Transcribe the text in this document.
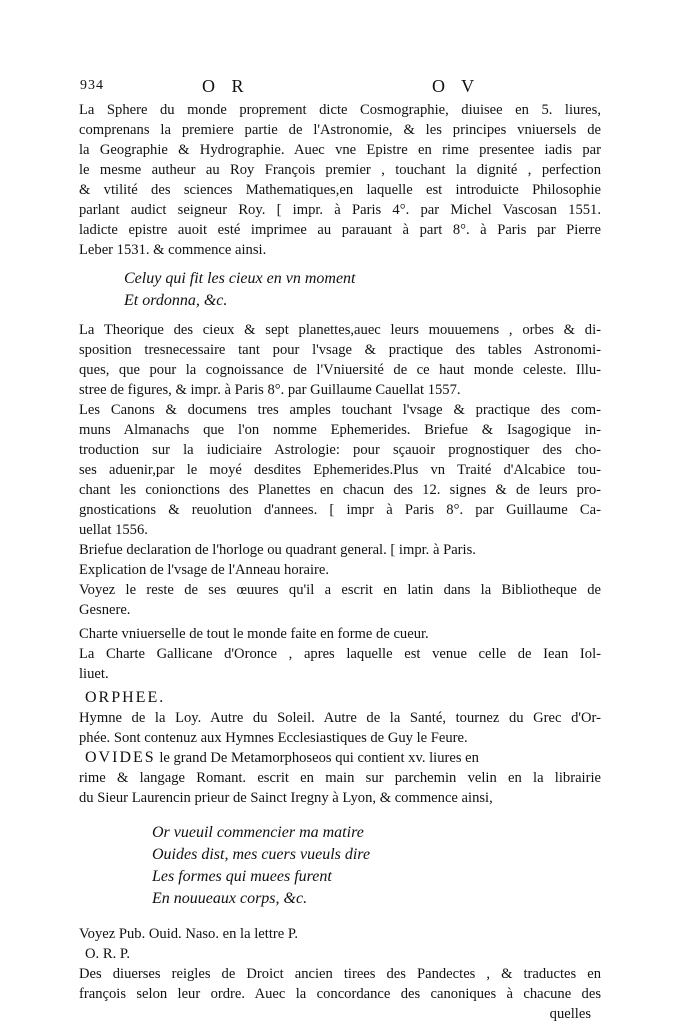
934	O R	O V
La Sphere du monde proprement dicte Cosmographie, diuisee en 5. liures,
comprenans la premiere partie de l'Astronomie, & les principes vniuersels de
la Geographie & Hydrographie. Auec vne Epistre en rime presentee iadis par
le mesme autheur au Roy François premier , touchant la dignité , perfection
& vtilité des sciences Mathematiques,en laquelle est introduicte Philosophie
parlant audict seigneur Roy. [ impr. à Paris 4°. par Michel Vascosan 1551.
ladicte epistre auoit esté imprimee au parauant à part 8°. à Paris par Pierre
Leber 1531. & commence ainsi.
Celuy qui fit les cieux en vn moment
Et ordonna, &c.
La Theorique des cieux & sept planettes,auec leurs mouuemens , orbes & di-
sposition tresnecessaire tant pour l'vsage & practique des tables Astronomi-
ques, que pour la cognoissance de l'Vniuersité de ce haut monde celeste. Illu-
stree de figures, & impr. à Paris 8°. par Guillaume Cauellat 1557.
Les Canons & documens tres amples touchant l'vsage & practique des com-
muns Almanachs que l'on nomme Ephemerides. Briefue & Isagogique in-
troduction sur la iudiciaire Astrologie: pour sçauoir prognostiquer des cho-
ses aduenir,par le moyé desdites Ephemerides.Plus vn Traité d'Alcabice tou-
chant les conionctions des Planettes en chacun des 12. signes & de leurs pro-
gnostications & reuolution d'annees. [ impr à Paris 8°. par Guillaume Ca-
uellat 1556.
Briefue declaration de l'horloge ou quadrant general. [ impr. à Paris.
Explication de l'vsage de l'Anneau horaire.
Voyez le reste de ses œuures qu'il a escrit en latin dans la Bibliotheque de
Gesnere.
Charte vniuerselle de tout le monde faite en forme de cueur.
La Charte Gallicane d'Oronce , apres laquelle est venue celle de Iean Iol-
liuet.
ORPHEE.
Hymne de la Loy. Autre du Soleil. Autre de la Santé, tournez du Grec d'Or-
phée. Sont contenuz aux Hymnes Ecclesiastiques de Guy le Feure.
OVIDES le grand De Metamorphoseos qui contient xv. liures en
rime & langage Romant. escrit en main sur parchemin velin en la librairie
du Sieur Laurencin prieur de Sainct Iregny à Lyon, & commence ainsi,
Or vueuil commencier ma matire
Ouides dist, mes cuers vueuls dire
Les formes qui muees furent
En nouueaux corps, &c.
Voyez Pub. Ouid. Naso. en la lettre P.
O. R. P.
Des diuerses reigles de Droict ancien tirees des Pandectes , & traductes en
françois selon leur ordre. Auec la concordance des canoniques à chacune des
quelles
